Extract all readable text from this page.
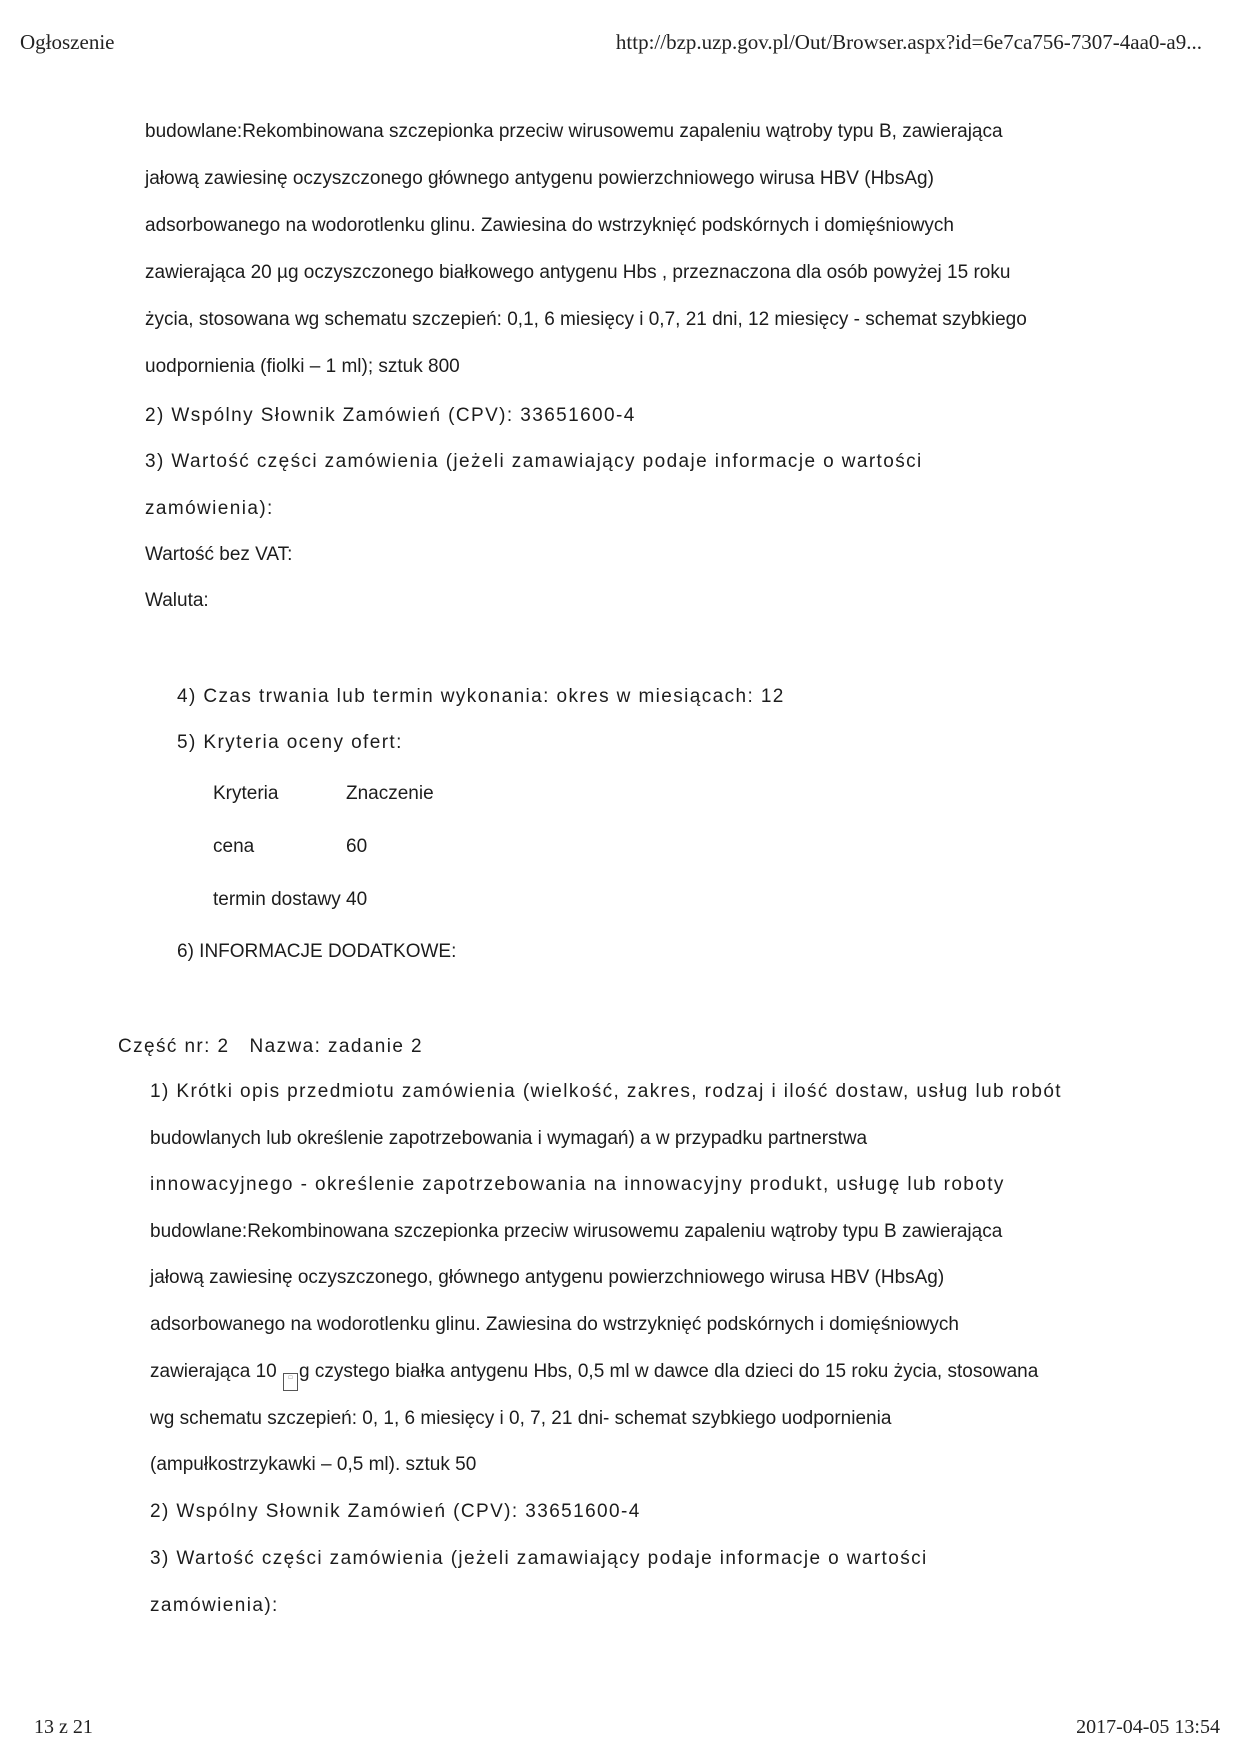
Ogłoszenie	http://bzp.uzp.gov.pl/Out/Browser.aspx?id=6e7ca756-7307-4aa0-a9...
budowlane:Rekombinowana szczepionka przeciw wirusowemu zapaleniu wątroby typu B, zawierająca
jałową zawiesinę oczyszczonego głównego antygenu powierzchniowego wirusa HBV (HbsAg)
adsorbowanego na wodorotlenku glinu. Zawiesina do wstrzyknięć podskórnych i domięśniowych
zawierająca 20 µg oczyszczonego białkowego antygenu Hbs , przeznaczona dla osób powyżej 15 roku
życia, stosowana wg schematu szczepień: 0,1, 6 miesięcy i 0,7, 21 dni, 12 miesięcy - schemat szybkiego
uodpornienia (fiolki – 1 ml); sztuk 800
2) Wspólny Słownik Zamówień (CPV): 33651600-4
3) Wartość części zamówienia (jeżeli zamawiający podaje informacje o wartości
zamówienia):
Wartość bez VAT:
Waluta:
4) Czas trwania lub termin wykonania: okres w miesiącach: 12
5) Kryteria oceny ofert:
Kryteria	Znaczenie
cena	60
termin dostawy 40
6) INFORMACJE DODATKOWE:
Część nr: 2   Nazwa: zadanie 2
1) Krótki opis przedmiotu zamówienia (wielkość, zakres, rodzaj i ilość dostaw, usług lub robót
budowlanych lub określenie zapotrzebowania i wymagań) a w przypadku partnerstwa
innowacyjnego - określenie zapotrzebowania na innowacyjny produkt, usługę lub roboty
budowlane:Rekombinowana szczepionka przeciw wirusowemu zapaleniu wątroby typu B zawierająca
jałową zawiesinę oczyszczonego, głównego antygenu powierzchniowego wirusa HBV (HbsAg)
adsorbowanego na wodorotlenku glinu. Zawiesina do wstrzyknięć podskórnych i domięśniowych
zawierająca 10 □ g czystego białka antygenu Hbs, 0,5 ml w dawce dla dzieci do 15 roku życia, stosowana
wg schematu szczepień: 0, 1, 6 miesięcy i 0, 7, 21 dni- schemat szybkiego uodpornienia
(ampułkostrzykawki – 0,5 ml). sztuk 50
2) Wspólny Słownik Zamówień (CPV): 33651600-4
3) Wartość części zamówienia (jeżeli zamawiający podaje informacje o wartości
zamówienia):
13 z 21	2017-04-05 13:54
